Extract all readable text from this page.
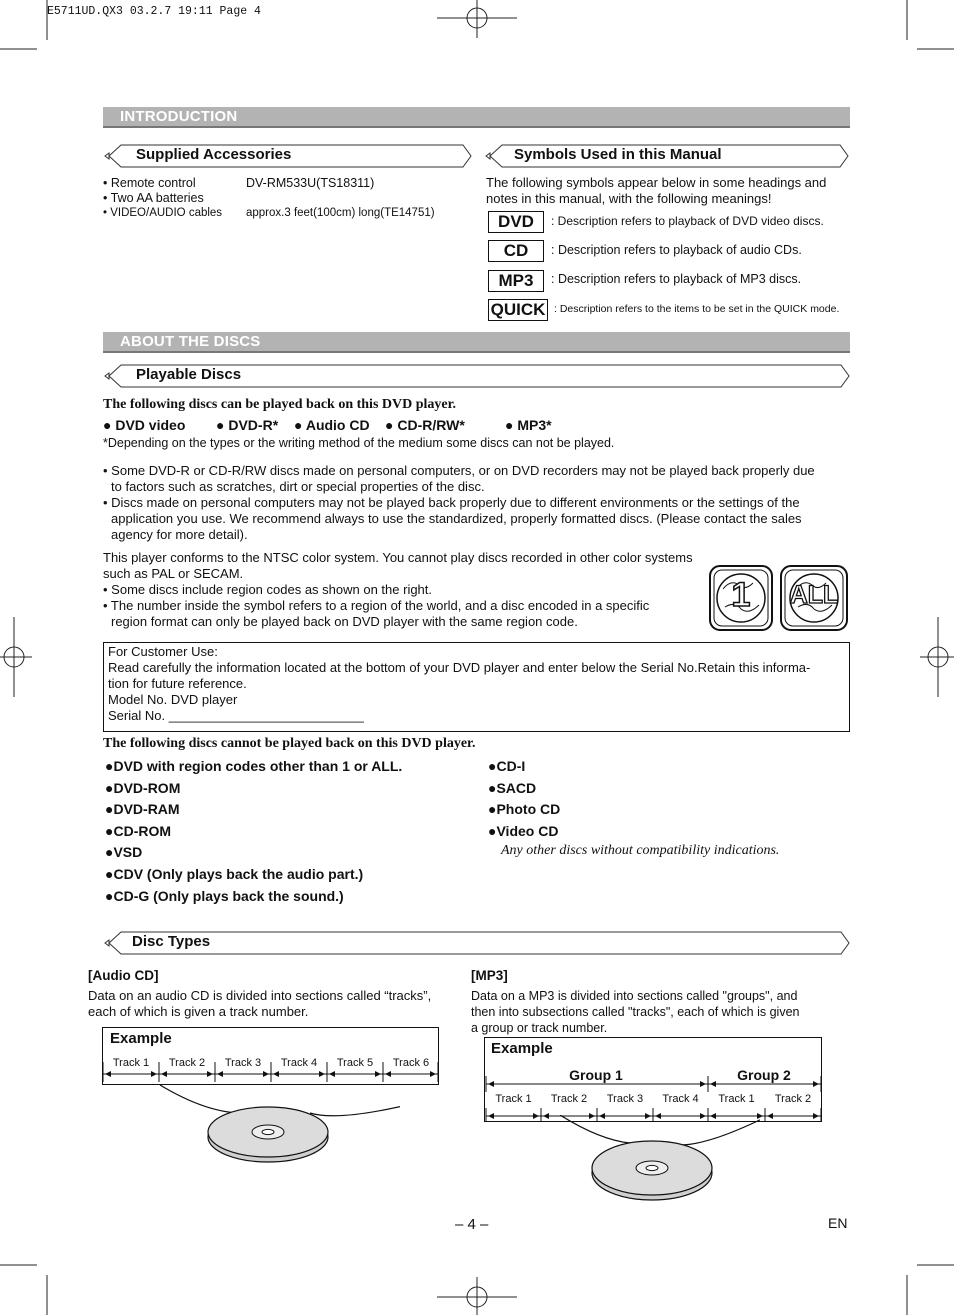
E5711UD.QX3 03.2.7 19:11 Page 4
INTRODUCTION
Supplied Accessories
• Remote control	DV-RM533U(TS18311)
• Two AA batteries
• VIDEO/AUDIO cables approx.3 feet(100cm) long(TE14751)
Symbols Used in this Manual
The following symbols appear below in some headings and notes in this manual, with the following meanings!
DVD	: Description refers to playback of DVD video discs.
CD	: Description refers to playback of audio CDs.
MP3	: Description refers to playback of MP3 discs.
QUICK : Description refers to the items to be set in the QUICK mode.
ABOUT THE DISCS
Playable Discs
The following discs can be played back on this DVD player.
● DVD video ● DVD-R* ● Audio CD ● CD-R/RW*	● MP3*
*Depending on the types or the writing method of the medium some discs can not be played.
• Some DVD-R or CD-R/RW discs made on personal computers, or on DVD recorders may not be played back properly due
to factors such as scratches, dirt or special properties of the disc.
• Discs made on personal computers may not be played back properly due to different environments or the settings of the
application you use. We recommend always to use the standardized, properly formatted discs. (Please contact the sales
agency for more detail).
This player conforms to the NTSC color system. You cannot play discs recorded in other color systems
such as PAL or SECAM.
• Some discs include region codes as shown on the right.
• The number inside the symbol refers to a region of the world, and a disc encoded in a specific
region format can only be played back on DVD player with the same region code.
1	ALL
For Customer Use:
Read carefully the information located at the bottom of your DVD player and enter below the Serial No.Retain this informa-
tion for future reference.
Model No. DVD player
Serial No. ___________________________
The following discs cannot be played back on this DVD player.
●DVD with region codes other than 1 or ALL.
●DVD-ROM
●DVD-RAM
●CD-ROM
●VSD
●CDV (Only plays back the audio part.)
●CD-G (Only plays back the sound.)
●CD-I
●SACD
●Photo CD
●Video CD
Any other discs without compatibility indications.
Disc Types
[Audio CD]
Data on an audio CD is divided into sections called “tracks”,
each of which is given a track number.
Example
Track 1	Track 2	Track 3	Track 4	Track 5	Track 6
[MP3]
Data on a MP3 is divided into sections called "groups", and
then into subsections called "tracks", each of which is given
a group or track number.
Example
Group 1	Group 2
Track 1	Track 2	Track 3	Track 4	Track 1	Track 2
– 4 –	EN
